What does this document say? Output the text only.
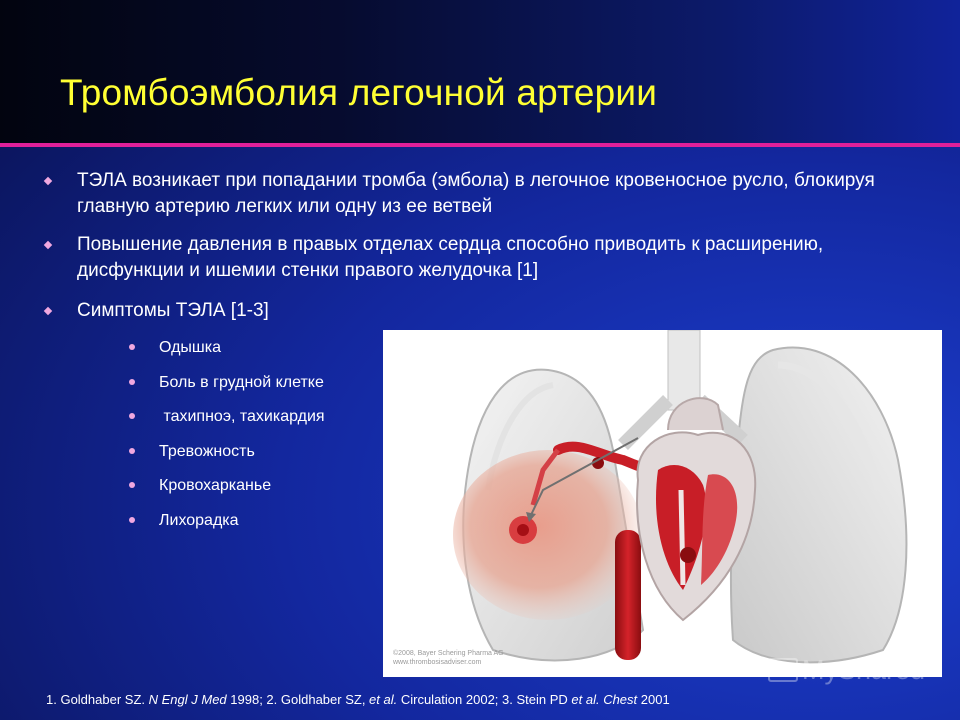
Тромбоэмболия легочной артерии
ТЭЛА возникает при попадании тромба (эмбола) в легочное кровеносное русло, блокируя главную артерию легких или одну из ее ветвей
Повышение давления в правых отделах сердца способно приводить к расширению, дисфункции и ишемии стенки правого желудочка [1]
Симптомы ТЭЛА [1-3]
Одышка
Боль в грудной клетке
тахипноэ, тахикардия
Тревожность
Кровохарканье
Лихорадка
©2008, Bayer Schering Pharma AG
www.thrombosisadviser.com
1. Goldhaber SZ. N Engl J Med 1998; 2. Goldhaber SZ, et al. Circulation 2002; 3. Stein PD et al. Chest 2001
MyShared
